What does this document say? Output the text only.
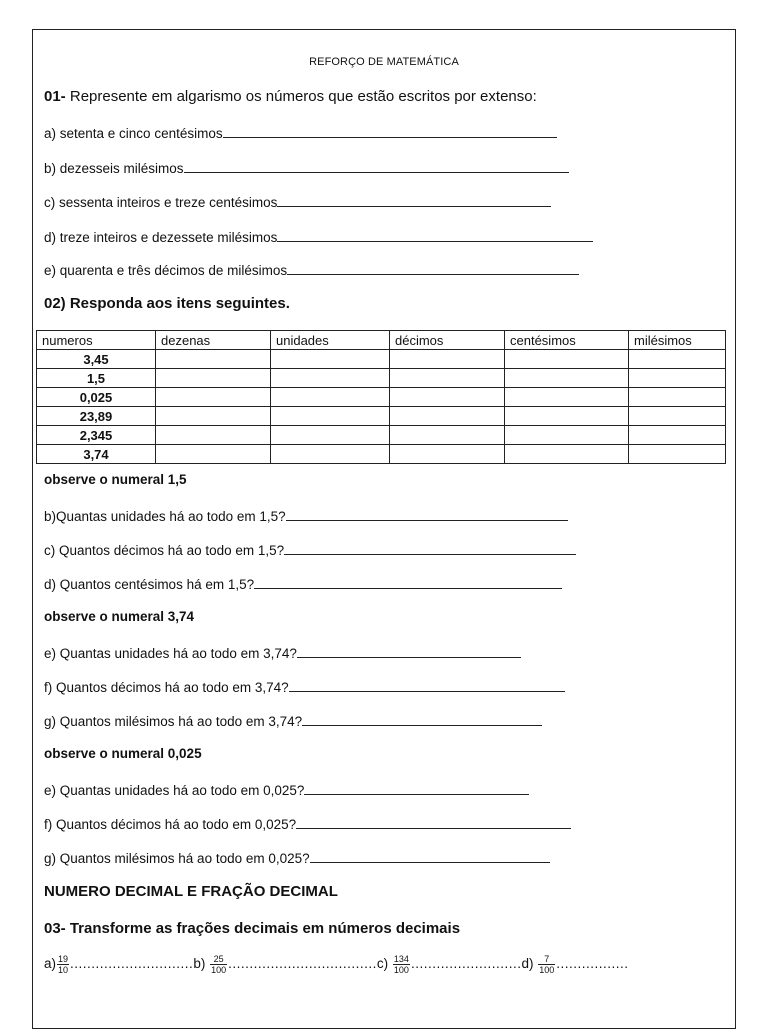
REFORÇO DE MATEMÁTICA
01- Represente em algarismo os números que estão escritos por extenso:
a) setenta e cinco centésimos
b) dezesseis milésimos
c) sessenta inteiros e treze centésimos
d) treze inteiros e dezessete milésimos
e) quarenta e três décimos de milésimos
02) Responda aos itens seguintes.
numeros	dezenas	unidades	décimos	centésimos	milésimos
3,45					
1,5					
0,025					
23,89					
2,345					
3,74					
observe o numeral 1,5
b)Quantas unidades há ao todo em 1,5?
c) Quantos décimos há ao todo em 1,5?
d) Quantos centésimos há em 1,5?
observe o numeral 3,74
e) Quantas unidades há ao todo em 3,74?
f) Quantos décimos há ao todo em 3,74?
g) Quantos milésimos há ao todo em 3,74?
observe o numeral 0,025
e) Quantas unidades há ao todo em 0,025?
f) Quantos décimos há ao todo em 0,025?
g) Quantos milésimos há ao todo em 0,025?
NUMERO DECIMAL E FRAÇÃO DECIMAL
03- Transforme as frações decimais em números decimais
$a) \frac{19}{10} .............................b) \frac{25}{100} ...................................c) \frac{134}{100} ..........................d) \frac{7}{100}$ .................
